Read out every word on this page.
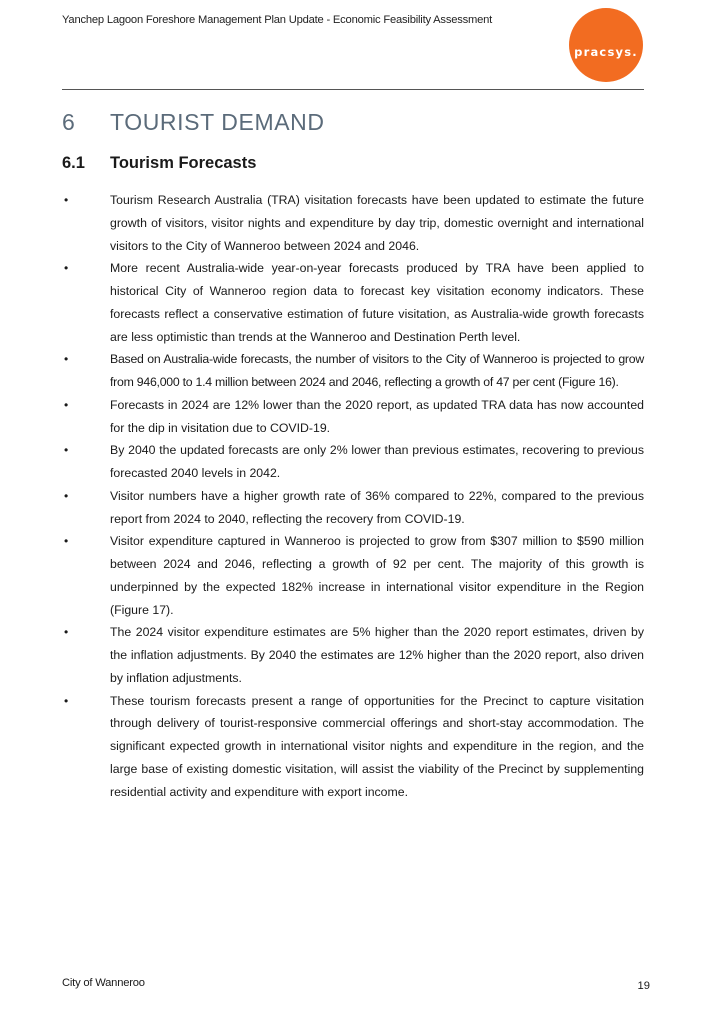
Yanchep Lagoon Foreshore Management Plan Update - Economic Feasibility Assessment
pracsys.
6 TOURIST DEMAND
6.1 Tourism Forecasts
•	Tourism Research Australia (TRA) visitation forecasts have been updated to estimate the future growth of visitors, visitor nights and expenditure by day trip, domestic overnight and international visitors to the City of Wanneroo between 2024 and 2046.
•	More recent Australia-wide year-on-year forecasts produced by TRA have been applied to historical City of Wanneroo region data to forecast key visitation economy indicators. These forecasts reflect a conservative estimation of future visitation, as Australia-wide growth forecasts are less optimistic than trends at the Wanneroo and Destination Perth level.
•	Based on Australia-wide forecasts, the number of visitors to the City of Wanneroo is projected to grow from 946,000 to 1.4 million between 2024 and 2046, reflecting a growth of 47 per cent (Figure 16).
•	Forecasts in 2024 are 12% lower than the 2020 report, as updated TRA data has now accounted for the dip in visitation due to COVID-19.
•	By 2040 the updated forecasts are only 2% lower than previous estimates, recovering to previous forecasted 2040 levels in 2042.
•	Visitor numbers have a higher growth rate of 36% compared to 22%, compared to the previous report from 2024 to 2040, reflecting the recovery from COVID-19.
•	Visitor expenditure captured in Wanneroo is projected to grow from $307 million to $590 million between 2024 and 2046, reflecting a growth of 92 per cent. The majority of this growth is underpinned by the expected 182% increase in international visitor expenditure in the Region (Figure 17).
•	The 2024 visitor expenditure estimates are 5% higher than the 2020 report estimates, driven by the inflation adjustments. By 2040 the estimates are 12% higher than the 2020 report, also driven by inflation adjustments.
•	These tourism forecasts present a range of opportunities for the Precinct to capture visitation through delivery of tourist-responsive commercial offerings and short-stay accommodation. The significant expected growth in international visitor nights and expenditure in the region, and the large base of existing domestic visitation, will assist the viability of the Precinct by supplementing residential activity and expenditure with export income.
City of Wanneroo	19
